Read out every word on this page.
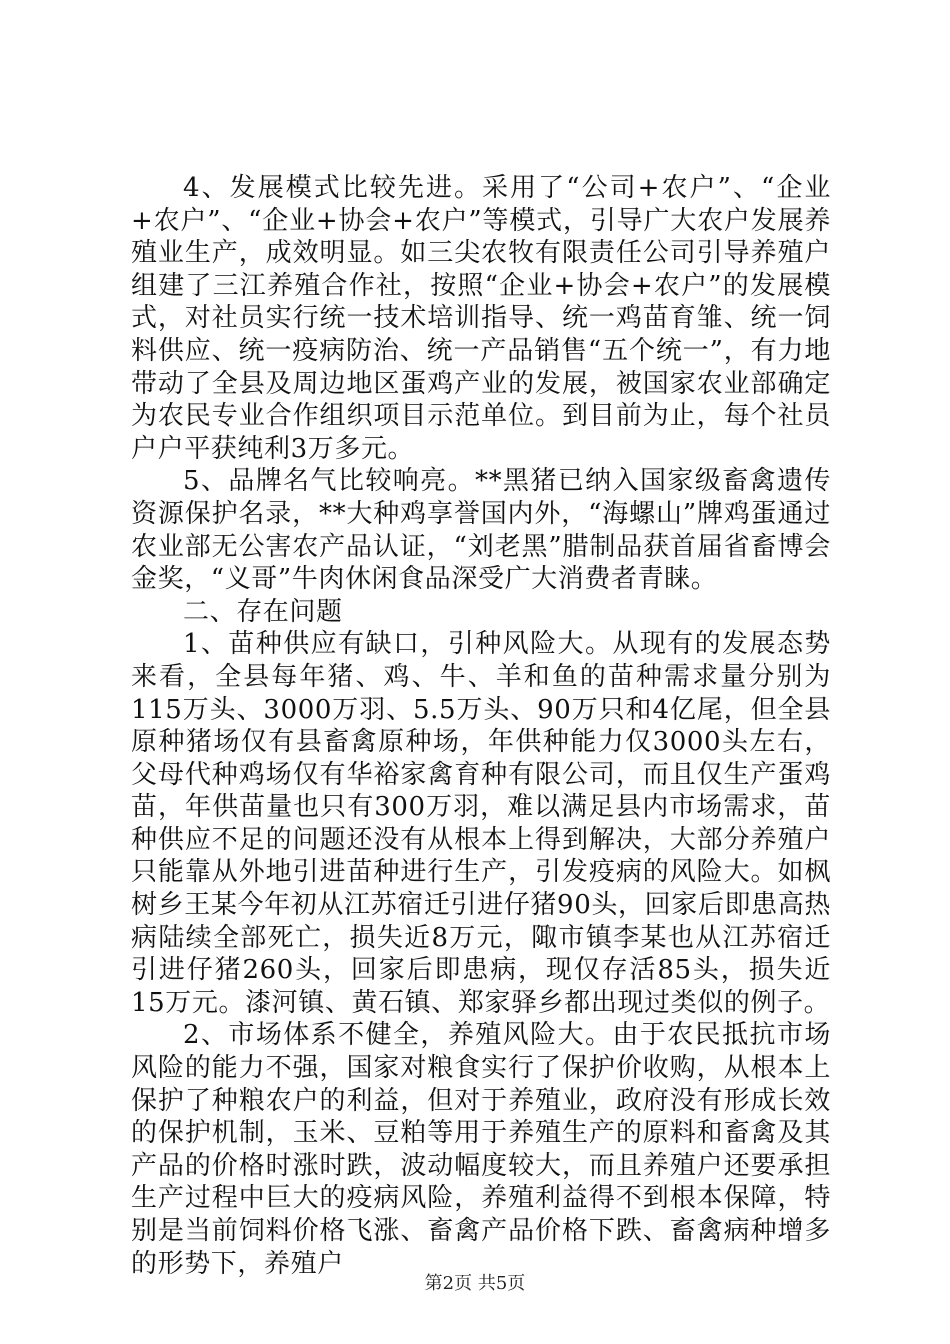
4、发展模式比较先进。采用了“公司+农户”、“企业+农户”、“企业+协会+农户”等模式，引导广大农户发展养殖业生产，成效明显。如三尖农牧有限责任公司引导养殖户组建了三江养殖合作社，按照“企业+协会+农户”的发展模式，对社员实行统一技术培训指导、统一鸡苗育雏、统一饲料供应、统一疫病防治、统一产品销售“五个统一”，有力地带动了全县及周边地区蛋鸡产业的发展，被国家农业部确定为农民专业合作组织项目示范单位。到目前为止，每个社员户户平获纯利3万多元。

5、品牌名气比较响亮。**黑猪已纳入国家级畜禽遗传资源保护名录，**大种鸡享誉国内外，“海螺山”牌鸡蛋通过农业部无公害农产品认证，“刘老黑”腊制品获首届省畜博会金奖，“义哥”牛肉休闲食品深受广大消费者青睐。

二、存在问题

1、苗种供应有缺口，引种风险大。从现有的发展态势来看，全县每年猪、鸡、牛、羊和鱼的苗种需求量分别为115万头、3000万羽、5.5万头、90万只和4亿尾，但全县原种猪场仅有县畜禽原种场，年供种能力仅3000头左右，父母代种鸡场仅有华裕家禽育种有限公司，而且仅生产蛋鸡苗，年供苗量也只有300万羽，难以满足县内市场需求，苗种供应不足的问题还没有从根本上得到解决，大部分养殖户只能靠从外地引进苗种进行生产，引发疫病的风险大。如枫树乡王某今年初从江苏宿迁引进仔猪90头，回家后即患高热病陆续全部死亡，损失近8万元，陬市镇李某也从江苏宿迁引进仔猪260头，回家后即患病，现仅存活85头，损失近15万元。漆河镇、黄石镇、郑家驿乡都出现过类似的例子。

2、市场体系不健全，养殖风险大。由于农民抵抗市场风险的能力不强，国家对粮食实行了保护价收购，从根本上保护了种粮农户的利益，但对于养殖业，政府没有形成长效的保护机制，玉米、豆粕等用于养殖生产的原料和畜禽及其产品的价格时涨时跌，波动幅度较大，而且养殖户还要承担生产过程中巨大的疫病风险，养殖利益得不到根本保障，特别是当前饲料价格飞涨、畜禽产品价格下跌、畜禽病种增多的形势下，养殖户

第2页 共5页
